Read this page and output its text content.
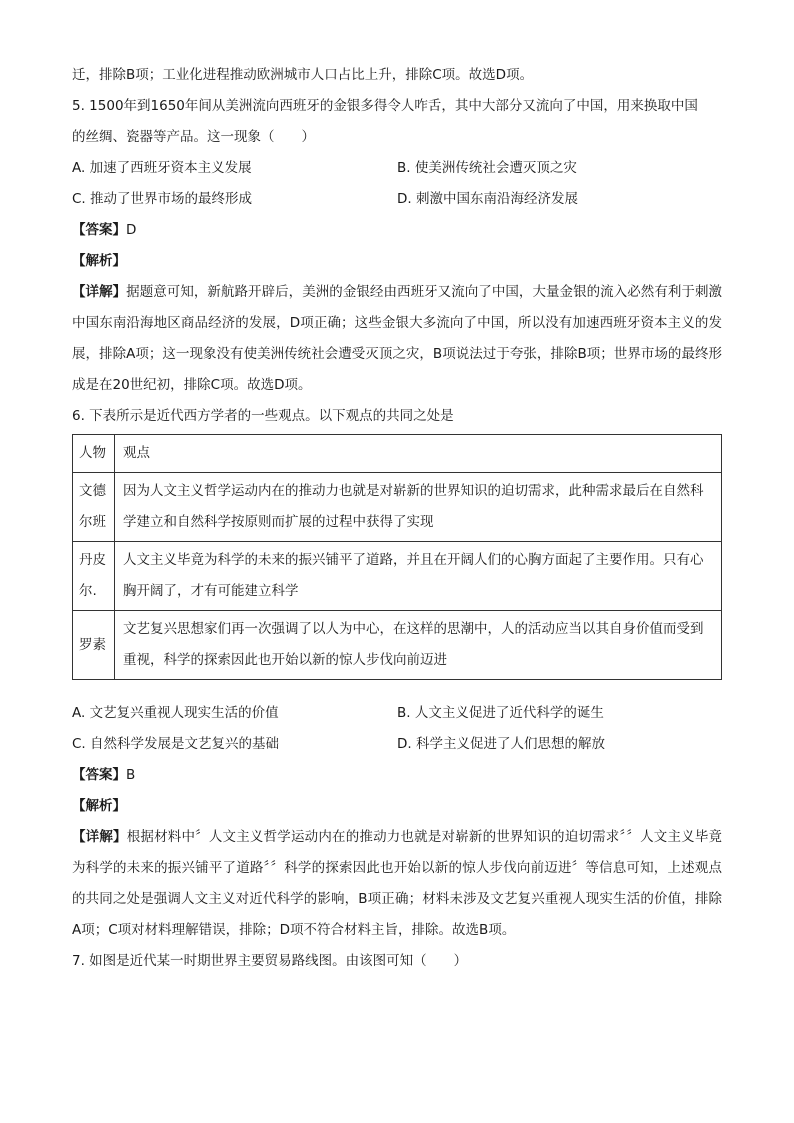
迁，排除B项；工业化进程推动欧洲城市人口占比上升，排除C项。故选D项。
5. 1500年到1650年间从美洲流向西班牙的金银多得令人咋舌，其中大部分又流向了中国，用来换取中国
的丝绸、瓷器等产品。这一现象（　　）
A. 加速了西班牙资本主义发展	B. 使美洲传统社会遭灭顶之灾
C. 推动了世界市场的最终形成	D. 刺激中国东南沿海经济发展
【答案】D
【解析】
【详解】据题意可知，新航路开辟后，美洲的金银经由西班牙又流向了中国，大量金银的流入必然有利于刺激中国东南沿海地区商品经济的发展，D项正确；这些金银大多流向了中国，所以没有加速西班牙资本主义的发展，排除A项；这一现象没有使美洲传统社会遭受灭顶之灾，B项说法过于夸张，排除B项；世界市场的最终形成是在20世纪初，排除C项。故选D项。
6. 下表所示是近代西方学者的一些观点。以下观点的共同之处是
人物	观点
文德尔班	因为人文主义哲学运动内在的推动力也就是对崭新的世界知识的迫切需求，此种需求最后在自然科学建立和自然科学按原则而扩展的过程中获得了实现
丹皮尔.	人文主义毕竟为科学的未来的振兴铺平了道路，并且在开阔人们的心胸方面起了主要作用。只有心胸开阔了，才有可能建立科学
罗素	文艺复兴思想家们再一次强调了以人为中心，在这样的思潮中，人的活动应当以其自身价值而受到重视，科学的探索因此也开始以新的惊人步伐向前迈进
A. 文艺复兴重视人现实生活的价值	B. 人文主义促进了近代科学的诞生
C. 自然科学发展是文艺复兴的基础	D. 科学主义促进了人们思想的解放
【答案】B
【解析】
【详解】根据材料中〞人文主义哲学运动内在的推动力也就是对崭新的世界知识的迫切需求〞〞人文主义毕竟为科学的未来的振兴铺平了道路〞〞科学的探索因此也开始以新的惊人步伐向前迈进〞等信息可知，上述观点的共同之处是强调人文主义对近代科学的影响，B项正确；材料未涉及文艺复兴重视人现实生活的价值，排除A项；C项对材料理解错误，排除；D项不符合材料主旨，排除。故选B项。
7. 如图是近代某一时期世界主要贸易路线图。由该图可知（　　）
